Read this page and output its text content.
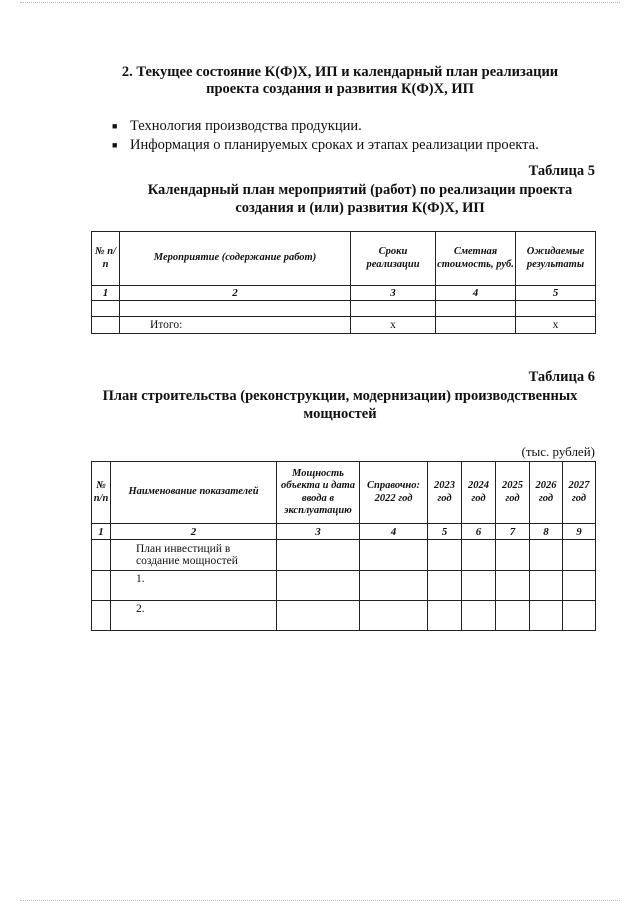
2. Текущее состояние К(Ф)Х, ИП и календарный план реализации
проекта создания и развития К(Ф)Х, ИП
■ Технология производства продукции.
■ Информация о планируемых сроках и этапах реализации проекта.
Таблица 5
Календарный план мероприятий (работ) по реализации проекта
создания и (или) развития К(Ф)Х, ИП
№ п/п	Мероприятие (содержание работ)	Сроки реализации	Сметная стоимость, руб.	Ожидаемые результаты
1	2	3	4	5

	Итого:	х		х
Таблица 6
План строительства (реконструкции, модернизации) производственных
мощностей
(тыс. рублей)
№ п/п	Наименование показателей	Мощность объекта и дата ввода в эксплуатацию	Справочно: 2022 год	2023 год	2024 год	2025 год	2026 год	2027 год
1	2	3	4	5	6	7	8	9
	План инвестиций в создание мощностей							
	1.							
	2.							
